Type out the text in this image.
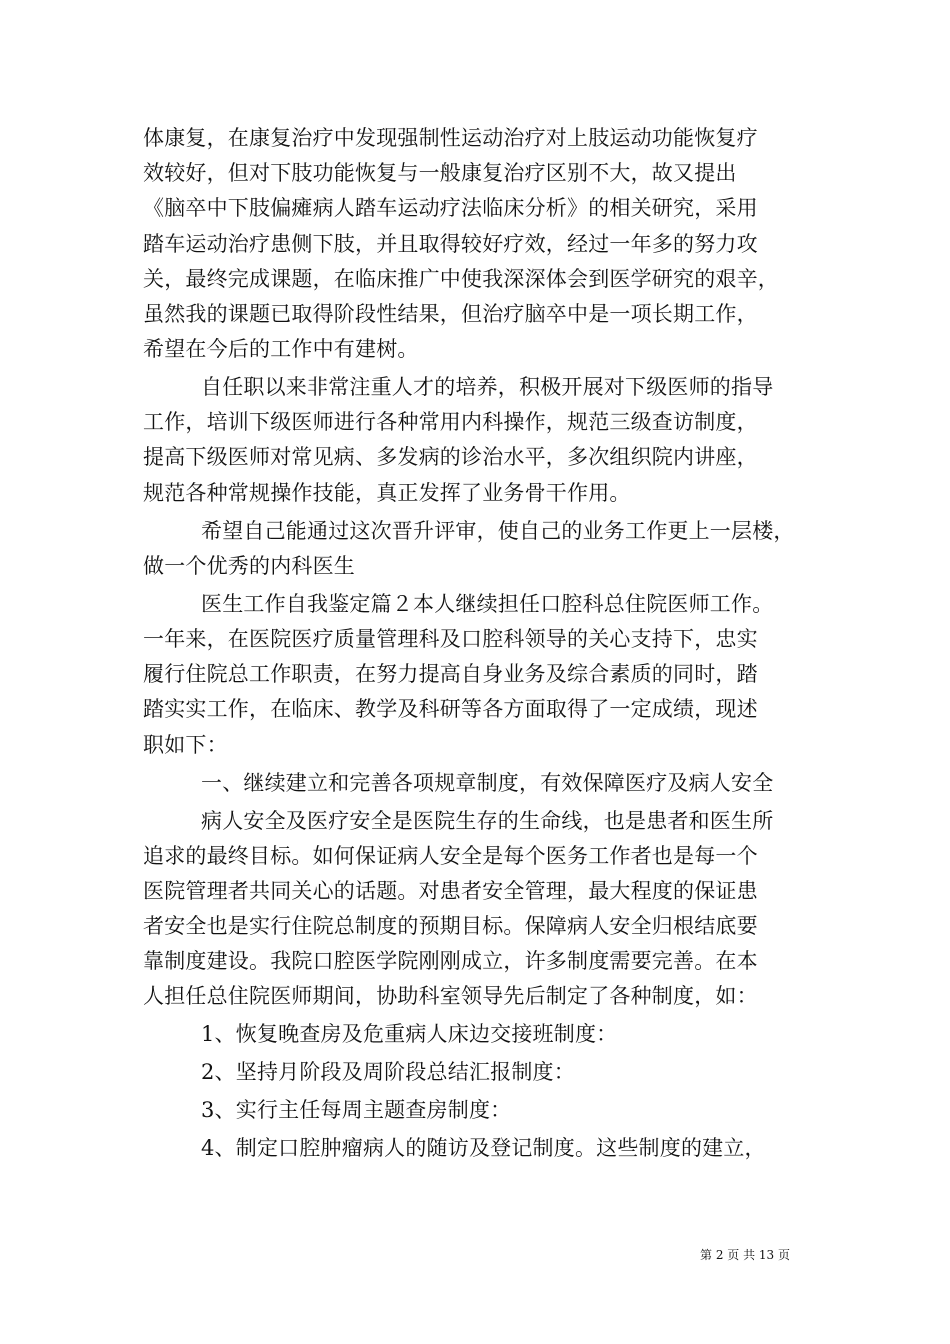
体康复，在康复治疗中发现强制性运动治疗对上肢运动功能恢复疗
效较好，但对下肢功能恢复与一般康复治疗区别不大，故又提出
《脑卒中下肢偏瘫病人踏车运动疗法临床分析》的相关研究，采用
踏车运动治疗患侧下肢，并且取得较好疗效，经过一年多的努力攻
关，最终完成课题，在临床推广中使我深深体会到医学研究的艰辛，
虽然我的课题已取得阶段性结果，但治疗脑卒中是一项长期工作，
希望在今后的工作中有建树。
自任职以来非常注重人才的培养，积极开展对下级医师的指导
工作，培训下级医师进行各种常用内科操作，规范三级查访制度，
提高下级医师对常见病、多发病的诊治水平，多次组织院内讲座，
规范各种常规操作技能，真正发挥了业务骨干作用。
希望自己能通过这次晋升评审，使自己的业务工作更上一层楼，
做一个优秀的内科医生
医生工作自我鉴定篇２本人继续担任口腔科总住院医师工作。
一年来，在医院医疗质量管理科及口腔科领导的关心支持下，忠实
履行住院总工作职责，在努力提高自身业务及综合素质的同时，踏
踏实实工作，在临床、教学及科研等各方面取得了一定成绩，现述
职如下：
一、继续建立和完善各项规章制度，有效保障医疗及病人安全
病人安全及医疗安全是医院生存的生命线，也是患者和医生所
追求的最终目标。如何保证病人安全是每个医务工作者也是每一个
医院管理者共同关心的话题。对患者安全管理，最大程度的保证患
者安全也是实行住院总制度的预期目标。保障病人安全归根结底要
靠制度建设。我院口腔医学院刚刚成立，许多制度需要完善。在本
人担任总住院医师期间，协助科室领导先后制定了各种制度，如：
1、恢复晚查房及危重病人床边交接班制度：
2、坚持月阶段及周阶段总结汇报制度：
3、实行主任每周主题查房制度：
4、制定口腔肿瘤病人的随访及登记制度。这些制度的建立，
第 2 页 共 13 页
